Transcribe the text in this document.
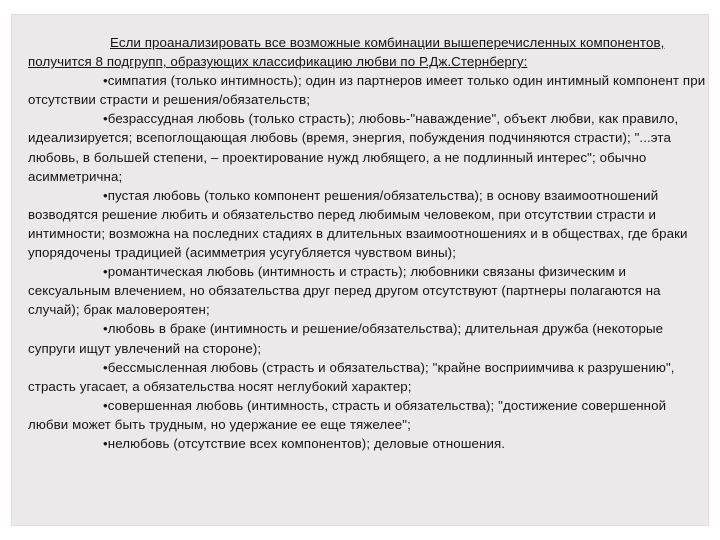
Если проанализировать все возможные комбинации вышеперечисленных компонентов, получится 8 подгрупп, образующих классификацию любви по Р.Дж.Стернбергу:

•симпатия (только интимность); один из партнеров имеет только один интимный компонент при отсутствии страсти и решения/обязательств;

•безрассудная любовь (только страсть); любовь-"наваждение", объект любви, как правило, идеализируется; всепоглощающая любовь (время, энергия, побуждения подчиняются страсти); "...эта любовь, в большей степени, – проектирование нужд любящего, а не подлинный интерес"; обычно асимметрична;

•пустая любовь (только компонент решения/обязательства); в основу взаимоотношений возводятся решение любить и обязательство перед любимым человеком, при отсутствии страсти и интимности; возможна на последних стадиях в длительных взаимоотношениях и в обществах, где браки упорядочены традицией (асимметрия усугубляется чувством вины);

•романтическая любовь (интимность и страсть); любовники связаны физическим и сексуальным влечением, но обязательства друг перед другом отсутствуют (партнеры полагаются на случай); брак маловероятен;

•любовь в браке (интимность и решение/обязательства); длительная дружба (некоторые супруги ищут увлечений на стороне);

•бессмысленная любовь (страсть и обязательства); "крайне восприимчива к разрушению", страсть угасает, а обязательства носят неглубокий характер;

•совершенная любовь (интимность, страсть и обязательства); "достижение совершенной любви может быть трудным, но удержание ее еще тяжелее";

•нелюбовь (отсутствие всех компонентов); деловые отношения.
